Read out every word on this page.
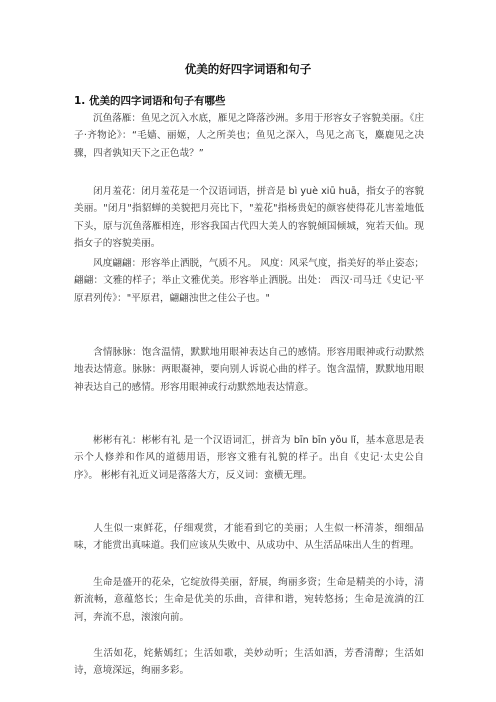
优美的好四字词语和句子
1. 优美的四字词语和句子有哪些
沉鱼落雁：鱼见之沉入水底，雁见之降落沙洲。多用于形容女子容貌美丽。《庄子·齐物论》：“毛嫱、丽姬，人之所美也；鱼见之深入，鸟见之高飞，麋鹿见之决骤，四者孰知天下之正色哉？”
闭月羞花：闭月羞花是一个汉语词语，拼音是 bì yuè xiū huā，指女子的容貌美丽。"闭月"指貂蝉的美貌把月亮比下，"羞花"指杨贵妃的颜容使得花儿害羞地低下头，原与沉鱼落雁相连，形容我国古代四大美人的容貌倾国倾城，宛若天仙。现指女子的容貌美丽。
风度翩翩：形容举止洒脱，气质不凡。 风度：风采气度，指美好的举止姿态；翩翩：文雅的样子；举止文雅优美。形容举止洒脱。出处： 西汉·司马迁《史记·平原君列传》："平原君，翩翩浊世之佳公子也。"
含情脉脉：饱含温情，默默地用眼神表达自己的感情。形容用眼神或行动默然地表达情意。脉脉：两眼凝神，要向别人诉说心曲的样子。饱含温情，默默地用眼神表达自己的感情。形容用眼神或行动默然地表达情意。
彬彬有礼：彬彬有礼 是一个汉语词汇，拼音为 bīn bīn yǒu lǐ，基本意思是表示个人修养和作风的道德用语，形容文雅有礼貌的样子。出自《史记·太史公自序》。 彬彬有礼近义词是落落大方，反义词：蛮横无理。
人生似一束鲜花，仔细观赏，才能看到它的美丽；人生似一杯清茶，细细品味，才能赏出真味道。我们应该从失败中、从成功中、从生活品味出人生的哲理。
生命是盛开的花朵，它绽放得美丽，舒展，绚丽多资；生命是精美的小诗，清新流畅，意蕴悠长；生命是优美的乐曲，音律和谐，宛转悠扬；生命是流淌的江河，奔流不息，滚滚向前。
生活如花，姹紫嫣红；生活如歌，美妙动听；生活如酒，芳香清醇；生活如诗，意境深远，绚丽多彩。
